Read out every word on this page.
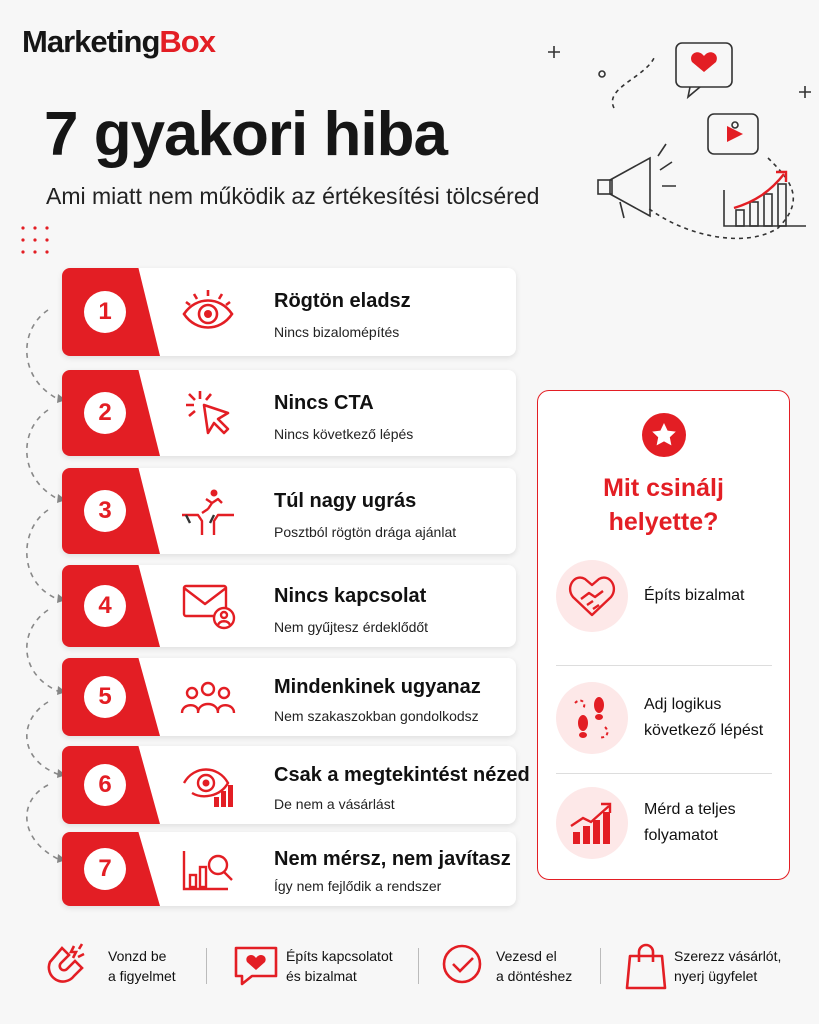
MarketingBox
7 gyakori hiba
Ami miatt nem működik az értékesítési tölcséred
1	Rögtön eladsz
Nincs bizalomépítés
2	Nincs CTA
Nincs következő lépés
3	Túl nagy ugrás
Posztból rögtön drága ajánlat
4	Nincs kapcsolat
Nem gyűjtesz érdeklődőt
5	Mindenkinek ugyanaz
Nem szakaszokban gondolkodsz
6	Csak a megtekintést nézed
De nem a vásárlást
7	Nem mérsz, nem javítasz
Így nem fejlődik a rendszer
Mit csinálj
helyette?
Építs bizalmat
Adj logikus
következő lépést
Mérd a teljes
folyamatot
Vonzd be
a figyelmet
Építs kapcsolatot
és bizalmat
Vezesd el
a döntéshez
Szerezz vásárlót,
nyerj ügyfelet
